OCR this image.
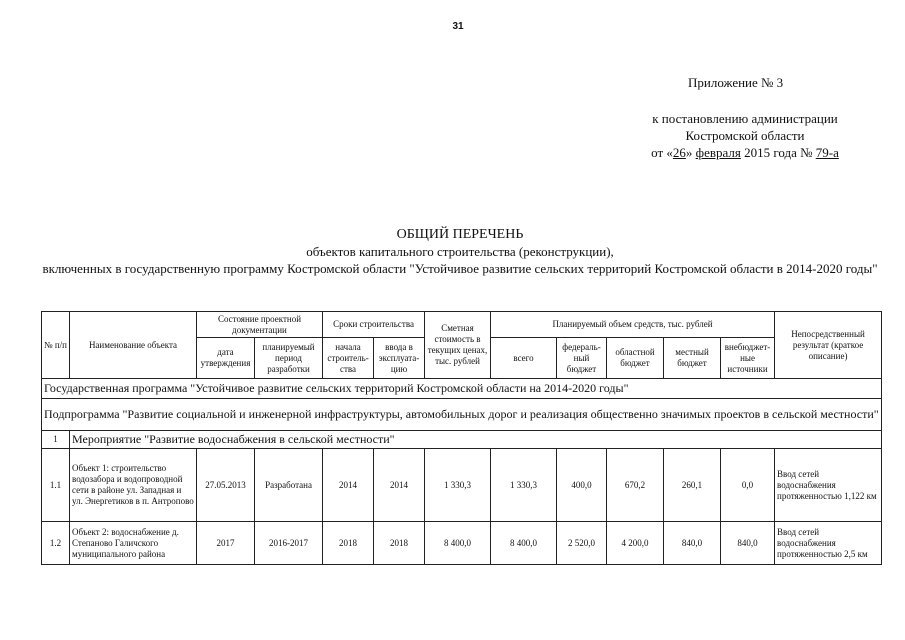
31
Приложение № 3
к постановлению администрации
Костромской области
от «26» февраля 2015 года № 79-а
ОБЩИЙ ПЕРЕЧЕНЬ
объектов капитального строительства (реконструкции),
включенных в государственную программу Костромской области "Устойчивое развитие сельских территорий Костромской области в 2014-2020 годы"
№ п/п	Наименование объекта	Состояние проектной документации		Сроки строительства		Сметная стоимость в текущих ценах, тыс. рублей	Планируемый объем средств, тыс. рублей					Непосредственный результат (краткое описание)
		дата утверждения	планируемый период разработки	начала строитель-ства	ввода в эксплуата-цию		всего	федераль-ный бюджет	областной бюджет	местный бюджет	внебюджет-ные источники	
Государственная программа "Устойчивое развитие сельских территорий Костромской области на 2014-2020 годы"												
Подпрограмма "Развитие социальной и инженерной инфраструктуры, автомобильных дорог и реализация общественно значимых проектов в сельской местности"												
1	Мероприятие "Развитие водоснабжения в сельской местности"											
1.1	Объект 1: строительство водозабора и водопроводной сети в районе ул. Западная и ул. Энергетиков в п. Антропово	27.05.2013	Разработана	2014	2014	1 330,3	1 330,3	400,0	670,2	260,1	0,0	Ввод сетей водоснабжения протяженностью 1,122 км
1.2	Объект 2: водоснабжение д. Степаново Галичского муниципального района	2017	2016-2017	2018	2018	8 400,0	8 400,0	2 520,0	4 200,0	840,0	840,0	Ввод сетей водоснабжения протяженностью 2,5 км
